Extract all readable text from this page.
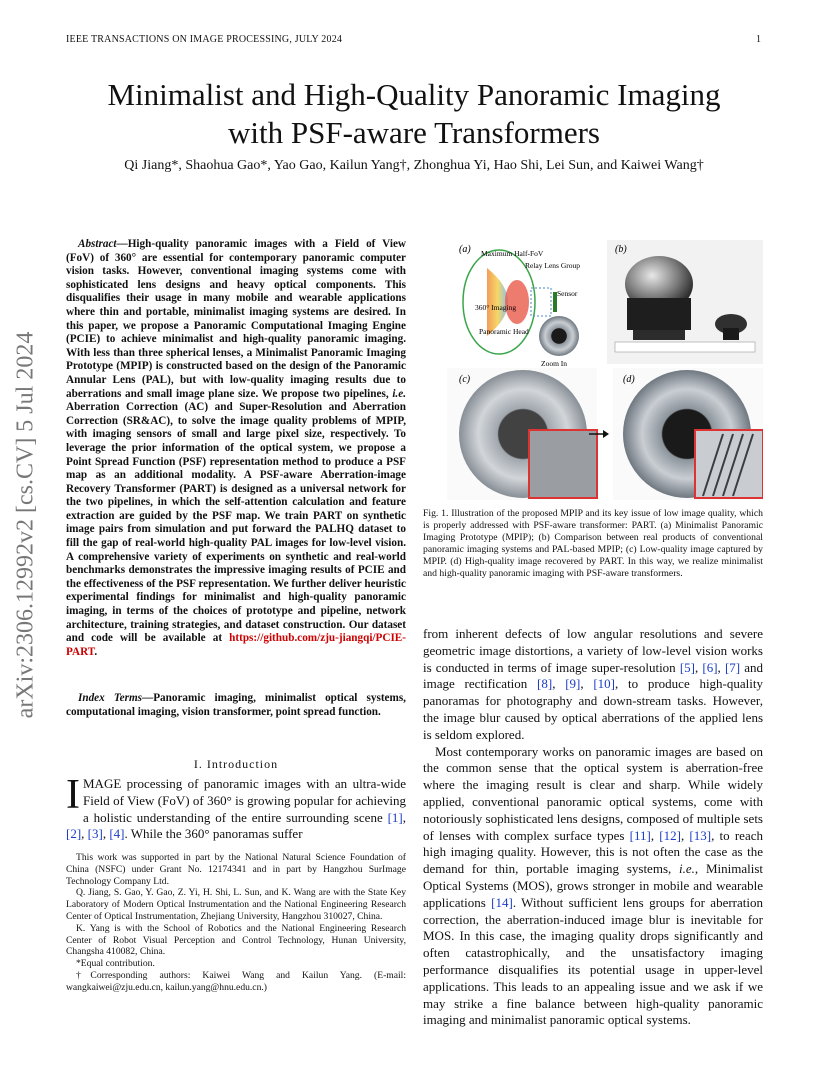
IEEE TRANSACTIONS ON IMAGE PROCESSING, JULY 2024	1
arXiv:2306.12992v2 [cs.CV] 5 Jul 2024
Minimalist and High-Quality Panoramic Imaging
with PSF-aware Transformers
Qi Jiang*, Shaohua Gao*, Yao Gao, Kailun Yang†, Zhonghua Yi, Hao Shi, Lei Sun, and Kaiwei Wang†
Abstract—High-quality panoramic images with a Field of View (FoV) of 360° are essential for contemporary panoramic computer vision tasks. However, conventional imaging systems come with sophisticated lens designs and heavy optical components. This disqualifies their usage in many mobile and wearable applications where thin and portable, minimalist imaging systems are desired. In this paper, we propose a Panoramic Computational Imaging Engine (PCIE) to achieve minimalist and high-quality panoramic imaging. With less than three spherical lenses, a Minimalist Panoramic Imaging Prototype (MPIP) is constructed based on the design of the Panoramic Annular Lens (PAL), but with low-quality imaging results due to aberrations and small image plane size. We propose two pipelines, i.e. Aberration Correction (AC) and Super-Resolution and Aberration Correction (SR&AC), to solve the image quality problems of MPIP, with imaging sensors of small and large pixel size, respectively. To leverage the prior information of the optical system, we propose a Point Spread Function (PSF) representation method to produce a PSF map as an additional modality. A PSF-aware Aberration-image Recovery Transformer (PART) is designed as a universal network for the two pipelines, in which the self-attention calculation and feature extraction are guided by the PSF map. We train PART on synthetic image pairs from simulation and put forward the PALHQ dataset to fill the gap of real-world high-quality PAL images for low-level vision. A comprehensive variety of experiments on synthetic and real-world benchmarks demonstrates the impressive imaging results of PCIE and the effectiveness of the PSF representation. We further deliver heuristic experimental findings for minimalist and high-quality panoramic imaging, in terms of the choices of prototype and pipeline, network architecture, training strategies, and dataset construction. Our dataset and code will be available at https://github.com/zju-jiangqi/PCIE-PART.
Index Terms—Panoramic imaging, minimalist optical systems, computational imaging, vision transformer, point spread function.
I. Introduction
IMAGE processing of panoramic images with an ultra-wide Field of View (FoV) of 360° is growing popular for achieving a holistic understanding of the entire surrounding scene [1], [2], [3], [4]. While the 360° panoramas suffer

This work was supported in part by the National Natural Science Foundation of China (NSFC) under Grant No. 12174341 and in part by Hangzhou SurImage Technology Company Ltd.

Q. Jiang, S. Gao, Y. Gao, Z. Yi, H. Shi, L. Sun, and K. Wang are with the State Key Laboratory of Modern Optical Instrumentation and the National Engineering Research Center of Optical Instrumentation, Zhejiang University, Hangzhou 310027, China.

K. Yang is with the School of Robotics and the National Engineering Research Center of Robot Visual Perception and Control Technology, Hunan University, Changsha 410082, China.

*Equal contribution.

†Corresponding authors: Kaiwei Wang and Kailun Yang. (E-mail: wangkaiwei@zju.edu.cn, kailun.yang@hnu.edu.cn.)

(a) Maximum Half-FoV
Relay Lens Group
Sensor
360° Imaging
Panoramic Head
Zoom In
(b)
(c)	(d)
Fig. 1. Illustration of the proposed MPIP and its key issue of low image quality, which is properly addressed with PSF-aware transformer: PART. (a) Minimalist Panoramic Imaging Prototype (MPIP); (b) Comparison between real products of conventional panoramic imaging systems and PAL-based MPIP; (c) Low-quality image captured by MPIP. (d) High-quality image recovered by PART. In this way, we realize minimalist and high-quality panoramic imaging with PSF-aware transformers.

from inherent defects of low angular resolutions and severe geometric image distortions, a variety of low-level vision works is conducted in terms of image super-resolution [5], [6], [7] and image rectification [8], [9], [10], to produce high-quality panoramas for photography and down-stream tasks. However, the image blur caused by optical aberrations of the applied lens is seldom explored.

Most contemporary works on panoramic images are based on the common sense that the optical system is aberration-free where the imaging result is clear and sharp. While widely applied, conventional panoramic optical systems, come with notoriously sophisticated lens designs, composed of multiple sets of lenses with complex surface types [11], [12], [13], to reach high imaging quality. However, this is not often the case as the demand for thin, portable imaging systems, i.e., Minimalist Optical Systems (MOS), grows stronger in mobile and wearable applications [14]. Without sufficient lens groups for aberration correction, the aberration-induced image blur is inevitable for MOS. In this case, the imaging quality drops significantly and often catastrophically, and the unsatisfactory imaging performance disqualifies its potential usage in upper-level applications. This leads to an appealing issue and we ask if we may strike a fine balance between high-quality panoramic imaging and minimalist panoramic optical systems.
